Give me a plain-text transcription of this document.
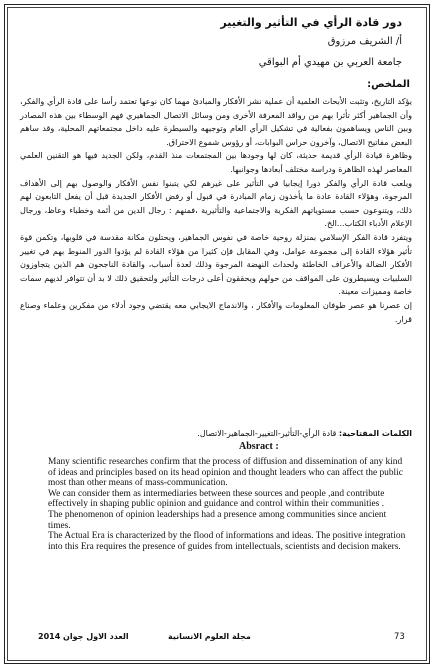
دور قادة الرأي في التأثير والتغيير
أ/ الشريف مرزوق
جامعة العربي بن مهيدي أم البواقي
الملخص:

يؤكد التاريخ، وتثبت الأبحاث العلمية أن عملية نشر الأفكار والمبادئ مهما كان نوعها تعتمد رأسا على قادة الرأي والفكر، وأن الجماهير أكثر تأثرا بهم من رواقد المعرفة الأخرى ومن وسائل الاتصال الجماهيري فهم الوسطاء بين هذه المصادر وبين الناس ويساهمون بفعالية في تشكيل الرأي العام وتوجيهه والسيطرة عليه داخل مجتمعاتهم المحلية، وقد ساهم البعض مفاتيح الاتصال، وآخرون حراس البوابات، أو رؤوس شموع الاحتراق.

وظاهرة قيادة الرأي قديمة حديثة، كان لها وجودها بين المجتمعات منذ القدم، ولكن الجديد فيها هو التقنين العلمي المعاصر لهذه الظاهرة ودراسة مختلف أبعادها وجوانبها.

ويلعب قادة الرأي والفكر دورا إيجابيا في التأثير على غيرهم لكي يتبنوا نفس الأفكار والوصول بهم إلى الأهداف المرجوة، وهؤلاء القادة عادة ما يأخذون زمام المبادرة في قبول أو رفض الأفكار الجديدة قبل أن يفعل التابعون لهم ذلك، ويتنوعون حسب مستوياتهم الفكرية والاجتماعية والتأثيرية ،فمنهم : رجال الدين من أئمة وخطباء وعاظ، ورجال الإعلام الأدباء الكتاب...الخ.

ويتفرد قادة الفكر الإسلامي بمنزلة روحية خاصة في نفوس الجماهير، ويحتلون مكانة مقدسة في قلوبها، وتكمن قوة تأثير هؤلاء القادة إلى مجموعة عوامل، وفي المقابل فإن كثيرا من هؤلاء القادة لم يؤدوا الدور المنوط بهم في تغيير الأفكار الضالة والأعراف الخاطئة ولحداث النهضة المرجوة وذلك لعدة أسباب، والقادة الناجحون هم الذين يتجاوزون السلبيات ويسيطرون على المواقف من حولهم ويحققون أعلى درجات التأثير ولتحقيق ذلك لا بد أن تتوافر لديهم سمات خاصة ومميزات معينة.

إن عصرنا هو عصر طوفان المعلومات والأفكار ، والاندماج الايجابي معه يقتضي وجود أدلاء من مفكرين وعلماء وصناع قرار.

الكلمات المفتاحية: قادة الرأي-التأثير-التغيير-الجماهير-الاتصال.
Absract :

Many scientific researches confirm that the process of diffusion and dissemination of any kind of ideas and principles based on its head opinion and thought leaders who can affect the public most than other means of mass-communication.

We can consider them as intermediaries between these sources and people ,and contribute effectively in shaping public opinion and guidance and control within their communities .

The phenomenon of opinion leaderships had a presence among communities since ancient times.

The Actual Era is characterized by the flood of informations and ideas. The positive integration into this Era requires the presence of guides from intellectuals, scientists and decision makers.

العدد الاول جوان 2014	مجلة العلوم الانسانية	73
